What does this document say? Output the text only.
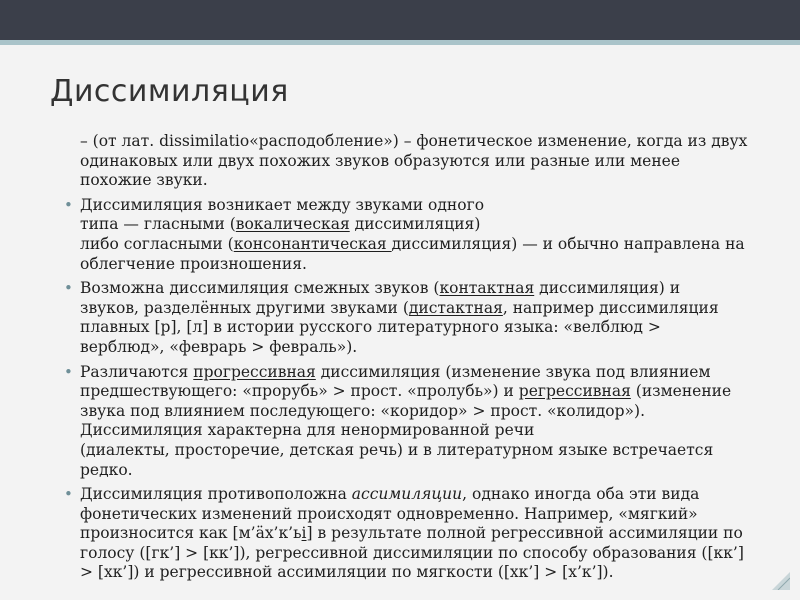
Диссимиляция
– (от лат. dissimilatio«расподобление») – фонетическое изменение, когда из двух
одинаковых или двух похожих звуков образуются или разные или менее
похожие звуки.
• Диссимиляция возникает между звуками одного
типа — гласными (вокалическая диссимиляция)
либо согласными (консонантическая диссимиляция) — и обычно направлена на
облегчение произношения.
• Возможна диссимиляция смежных звуков (контактная диссимиляция) и
звуков, разделённых другими звуками (дистактная, например диссимиляция
плавных [р], [л] в истории русского литературного языка: «велблюд >
верблюд», «феврарь > февраль»).
• Различаются прогрессивная диссимиляция (изменение звука под влиянием
предшествующего: «прорубь» > прост. «пролубь») и регрессивная (изменение
звука под влиянием последующего: «коридор» > прост. «колидор»).
Диссимиляция характерна для ненормированной речи
(диалекты, просторечие, детская речь) и в литературном языке встречается
редко.
• Диссимиляция противоположна ассимиляции, однако иногда оба эти вида
фонетических изменений происходят одновременно. Например, «мягкий»
произносится как [м’äх’к’ьі] в результате полной регрессивной ассимиляции по
голосу ([гк’] > [кк’]), регрессивной диссимиляции по способу образования ([кк’]
> [хк’]) и регрессивной ассимиляции по мягкости ([хк’] > [х’к’]).
